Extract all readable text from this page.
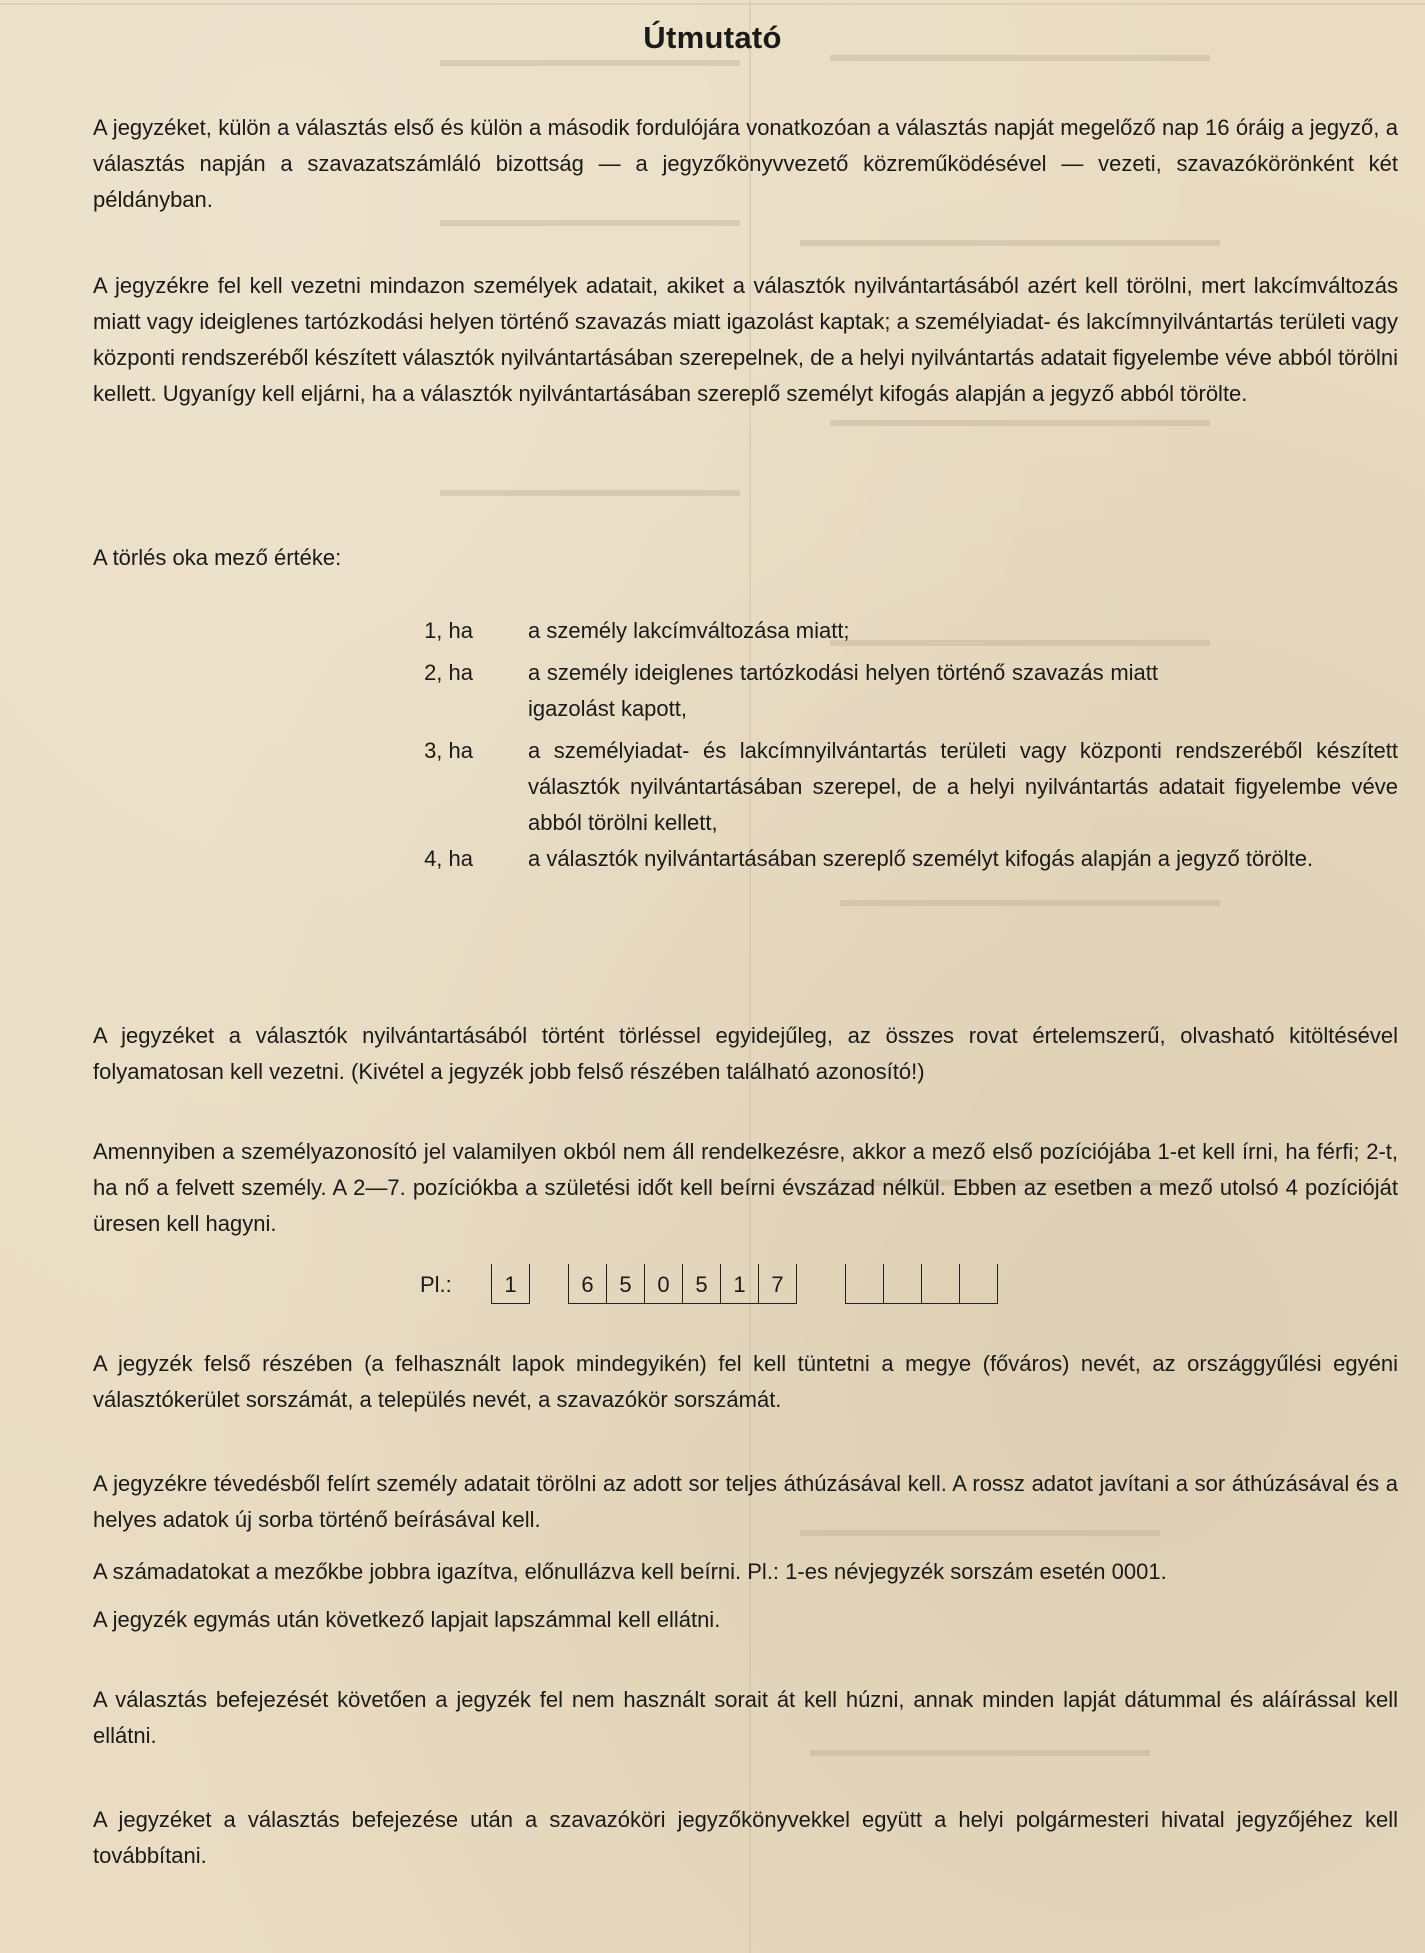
Útmutató

A jegyzéket, külön a választás első és külön a második fordulójára vonatkozóan a választás napját megelőző nap 16 óráig a jegyző, a választás napján a szavazatszámláló bizottság — a jegyzőkönyvvezető közreműködésével — vezeti, szavazókörönként két példányban.

A jegyzékre fel kell vezetni mindazon személyek adatait, akiket a választók nyilvántartásából azért kell törölni, mert lakcímváltozás miatt vagy ideiglenes tartózkodási helyen történő szavazás miatt igazolást kaptak; a személyiadat- és lakcímnyilvántartás területi vagy központi rendszeréből készített választók nyilvántartásában szerepelnek, de a helyi nyilvántartás adatait figyelembe véve abból törölni kellett. Ugyanígy kell eljárni, ha a választók nyilvántartásában szereplő személyt kifogás alapján a jegyző abból törölte.

A törlés oka mező értéke:

1, ha	a személy lakcímváltozása miatt;
2, ha	a személy ideiglenes tartózkodási helyen történő szavazás miatt igazolást kapott,
3, ha	a személyiadat- és lakcímnyilvántartás területi vagy központi rendszeréből készített választók nyilvántartásában szerepel, de a helyi nyilvántartás adatait figyelembe véve abból törölni kellett,
4, ha	a választók nyilvántartásában szereplő személyt kifogás alapján a jegyző törölte.

A jegyzéket a választók nyilvántartásából történt törléssel egyidejűleg, az összes rovat értelemszerű, olvasható kitöltésével folyamatosan kell vezetni. (Kivétel a jegyzék jobb felső részében található azonosító!)

Amennyiben a személyazonosító jel valamilyen okból nem áll rendelkezésre, akkor a mező első pozíciójába 1-et kell írni, ha férfi; 2-t, ha nő a felvett személy. A 2—7. pozíciókba a születési időt kell beírni évszázad nélkül. Ebben az esetben a mező utolsó 4 pozícióját üresen kell hagyni.

Pl.:	1	6	5	0	5	1	7

A jegyzék felső részében (a felhasznált lapok mindegyikén) fel kell tüntetni a megye (főváros) nevét, az országgyűlési egyéni választókerület sorszámát, a település nevét, a szavazókör sorszámát.

A jegyzékre tévedésből felírt személy adatait törölni az adott sor teljes áthúzásával kell. A rossz adatot javítani a sor áthúzásával és a helyes adatok új sorba történő beírásával kell.

A számadatokat a mezőkbe jobbra igazítva, előnullázva kell beírni. Pl.: 1-es névjegyzék sorszám esetén 0001.

A jegyzék egymás után következő lapjait lapszámmal kell ellátni.

A választás befejezését követően a jegyzék fel nem használt sorait át kell húzni, annak minden lapját dátummal és aláírással kell ellátni.

A jegyzéket a választás befejezése után a szavazóköri jegyzőkönyvekkel együtt a helyi polgármesteri hivatal jegyzőjéhez kell továbbítani.
